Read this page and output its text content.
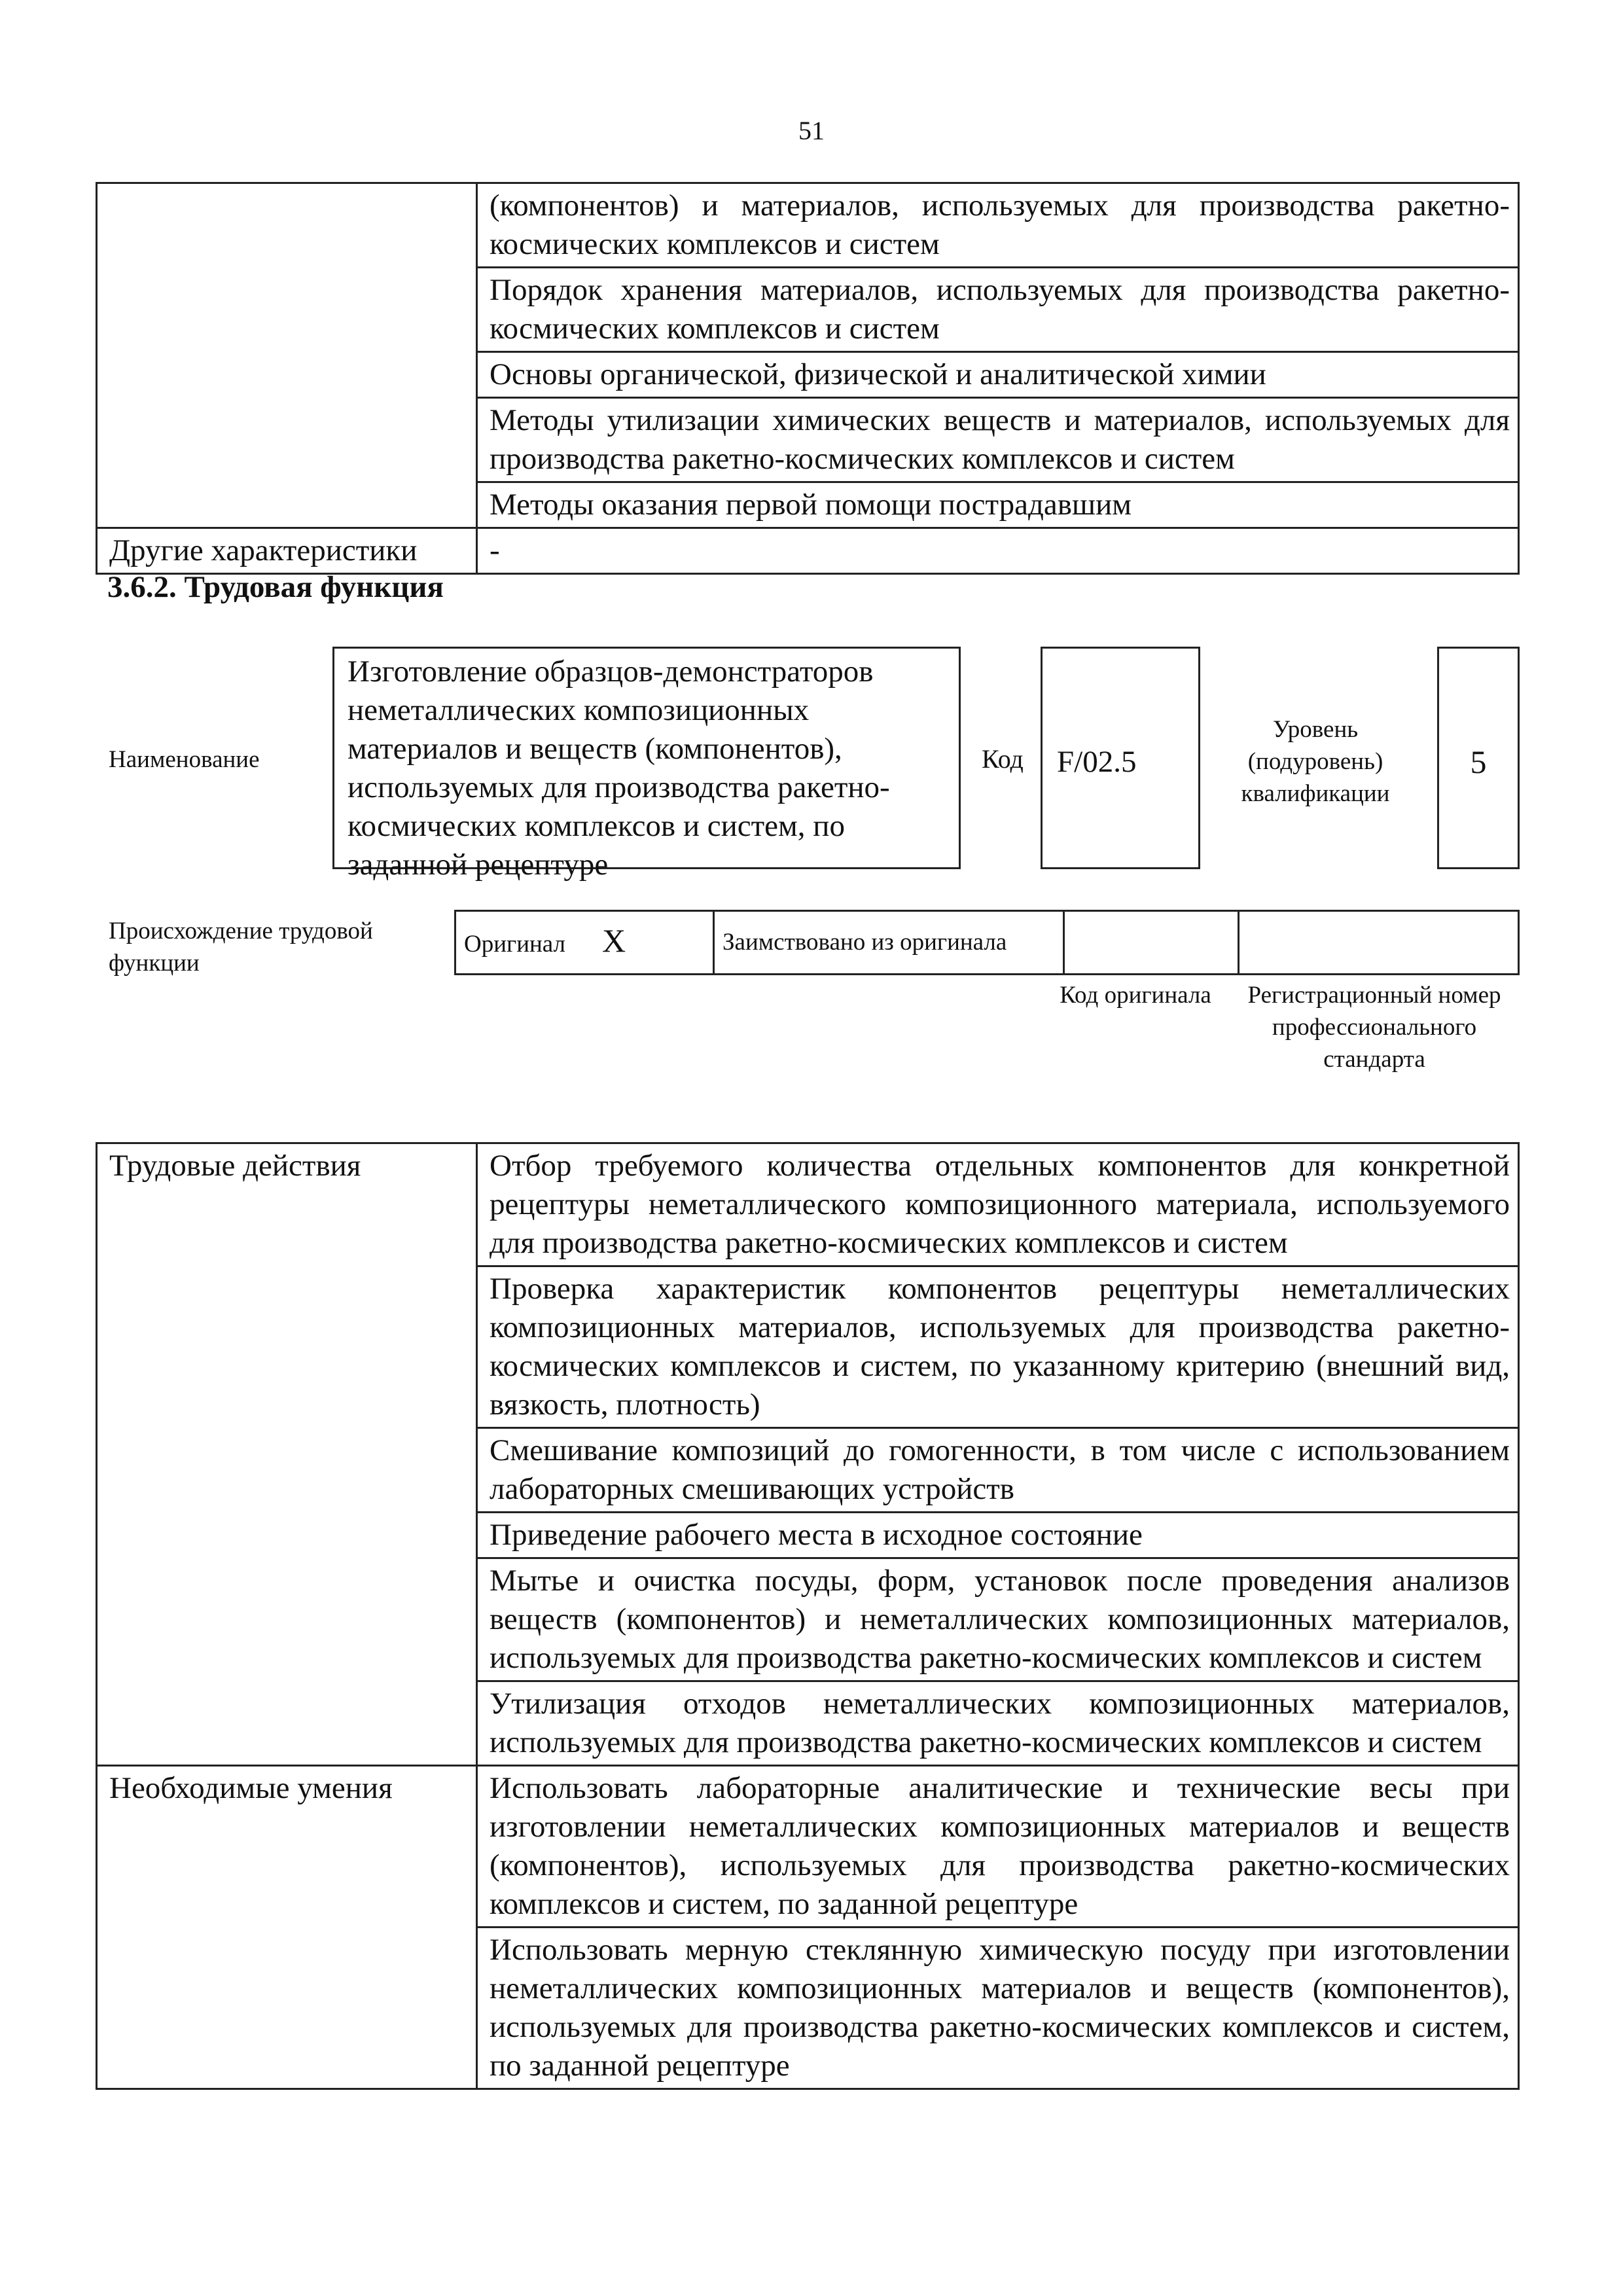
51
	(компонентов) и материалов, используемых для производства ракетно-космических комплексов и систем
	Порядок хранения материалов, используемых для производства ракетно-космических комплексов и систем
	Основы органической, физической и аналитической химии
	Методы утилизации химических веществ и материалов, используемых для производства ракетно-космических комплексов и систем
	Методы оказания первой помощи пострадавшим
Другие характеристики	-
3.6.2. Трудовая функция
Наименование
Изготовление образцов-демонстраторов неметаллических композиционных материалов и веществ (компонентов), используемых для производства ракетно-космических комплексов и систем, по заданной рецептуре
Код	F/02.5
Уровень (подуровень) квалификации
5
Происхождение трудовой функции
Оригинал X	Заимствовано из оригинала		
Код оригинала	Регистрационный номер профессионального стандарта
Трудовые действия	Отбор требуемого количества отдельных компонентов для конкретной рецептуры неметаллического композиционного материала, используемого для производства ракетно-космических комплексов и систем
	Проверка характеристик компонентов рецептуры неметаллических композиционных материалов, используемых для производства ракетно-космических комплексов и систем, по указанному критерию (внешний вид, вязкость, плотность)
	Смешивание композиций до гомогенности, в том числе с использованием лабораторных смешивающих устройств
	Приведение рабочего места в исходное состояние
	Мытье и очистка посуды, форм, установок после проведения анализов веществ (компонентов) и неметаллических композиционных материалов, используемых для производства ракетно-космических комплексов и систем
	Утилизация отходов неметаллических композиционных материалов, используемых для производства ракетно-космических комплексов и систем
Необходимые умения	Использовать лабораторные аналитические и технические весы при изготовлении неметаллических композиционных материалов и веществ (компонентов), используемых для производства ракетно-космических комплексов и систем, по заданной рецептуре
	Использовать мерную стеклянную химическую посуду при изготовлении неметаллических композиционных материалов и веществ (компонентов), используемых для производства ракетно-космических комплексов и систем, по заданной рецептуре
